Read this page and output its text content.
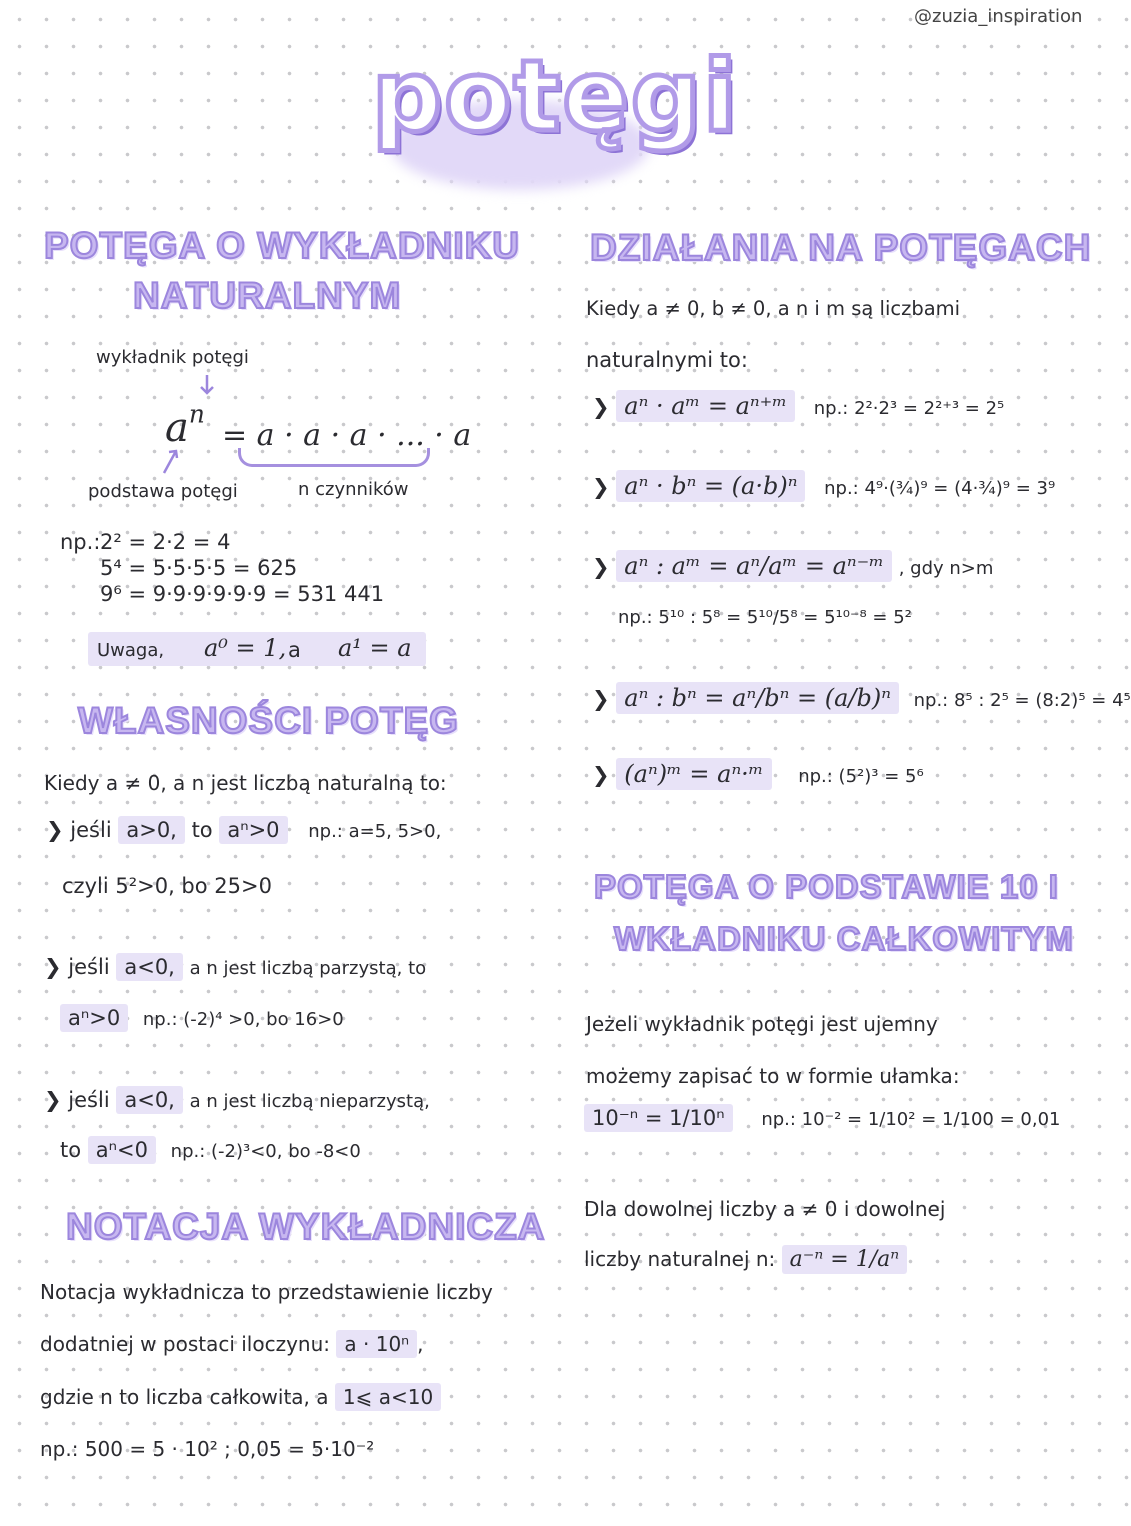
@zuzia_inspiration
potęgi
POTĘGA O WYKŁADNIKU
NATURALNYM
wykładnik potęgi
$a^n$
= a · a · a · ... · a
podstawa potęgi	n czynników
np.: 2² = 2·2 = 4
5⁴ = 5·5·5·5 = 625
9⁶ = 9·9·9·9·9·9 = 531 441
Uwaga, a⁰ = 1, a a¹ = a
WŁASNOŚCI POTĘG
Kiedy a ≠ 0, a n jest liczbą naturalną to:
❯ jeśli a>0, to aⁿ>0 np.: a=5, 5>0,
czyli 5²>0, bo 25>0
❯ jeśli a<0, a n jest liczbą parzystą, to
aⁿ>0 np.: (-2)⁴ >0, bo 16>0
❯ jeśli a<0, a n jest liczbą nieparzystą,
to aⁿ<0 np.: (-2)³<0, bo -8<0
NOTACJA WYKŁADNICZA
Notacja wykładnicza to przedstawienie liczby
dodatniej w postaci iloczynu: a · 10ⁿ ,
gdzie n to liczba całkowita, a 1⩽ a<10
np.: 500 = 5 · 10² ; 0,05 = 5·10⁻²
DZIAŁANIA NA POTĘGACH
Kiedy a ≠ 0, b ≠ 0, a n i m są liczbami
naturalnymi to:
❯ aⁿ · aᵐ = aⁿ⁺ᵐ np.: 2²·2³ = 2²⁺³ = 2⁵
❯ aⁿ · bⁿ = (a·b)ⁿ np.: 4⁹·(¾)⁹ = (4·¾)⁹ = 3⁹
❯ aⁿ : aᵐ = aⁿ/aᵐ = aⁿ⁻ᵐ , gdy n>m
np.: 5¹⁰ : 5⁸ = 5¹⁰/5⁸ = 5¹⁰⁻⁸ = 5²
❯ aⁿ : bⁿ = aⁿ/bⁿ = (a/b)ⁿ np.: 8⁵ : 2⁵ = (8:2)⁵ = 4⁵
❯ (aⁿ)ᵐ = aⁿ·ᵐ np.: (5²)³ = 5⁶
POTĘGA O PODSTAWIE 10 I
WKŁADNIKU CAŁKOWITYM
Jeżeli wykładnik potęgi jest ujemny
możemy zapisać to w formie ułamka:
10⁻ⁿ = 1/10ⁿ np.: 10⁻² = 1/10² = 1/100 = 0,01
Dla dowolnej liczby a ≠ 0 i dowolnej
liczby naturalnej n: a⁻ⁿ = 1/aⁿ
